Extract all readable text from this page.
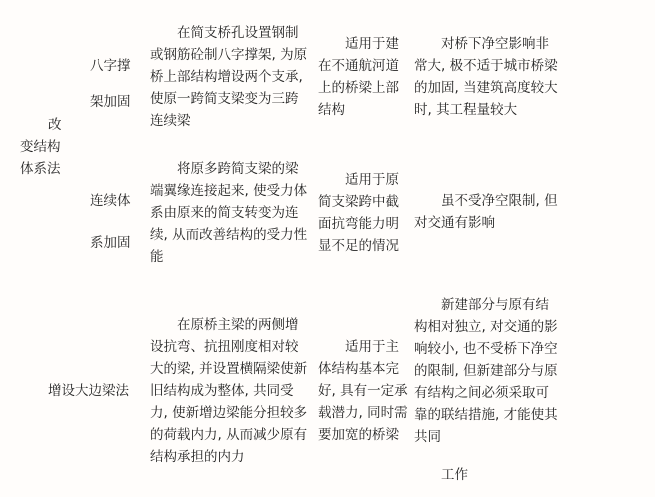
改
变结构
体系法
八字撑
架加固
在简支桥孔设置钢制
或钢筋砼制八字撑架, 为原
桥上部结构增设两个支承,
使原一跨简支梁变为三跨
连续梁
适用于建
在不通航河道
上的桥梁上部
结构
对桥下净空影响非
常大, 极不适于城市桥梁
的加固, 当建筑高度较大
时, 其工程量较大
连续体
系加固
将原多跨简支梁的梁
端翼缘连接起来, 使受力体
系由原来的简支转变为连
续, 从而改善结构的受力性
能
适用于原
简支梁跨中截
面抗弯能力明
显不足的情况
虽不受净空限制, 但
对交通有影响
增设大边梁法
在原桥主梁的两侧增
设抗弯、抗扭刚度相对较
大的梁, 并设置横隔梁使新
旧结构成为整体, 共同受
力, 使新增边梁能分担较多
的荷载内力, 从而减少原有
结构承担的内力
适用于主
体结构基本完
好, 具有一定承
载潜力, 同时需
要加宽的桥梁
新建部分与原有结
构相对独立, 对交通的影
响较小, 也不受桥下净空
的限制, 但新建部分与原
有结构之间必须采取可
靠的联结措施, 才能使其
共同
工作
